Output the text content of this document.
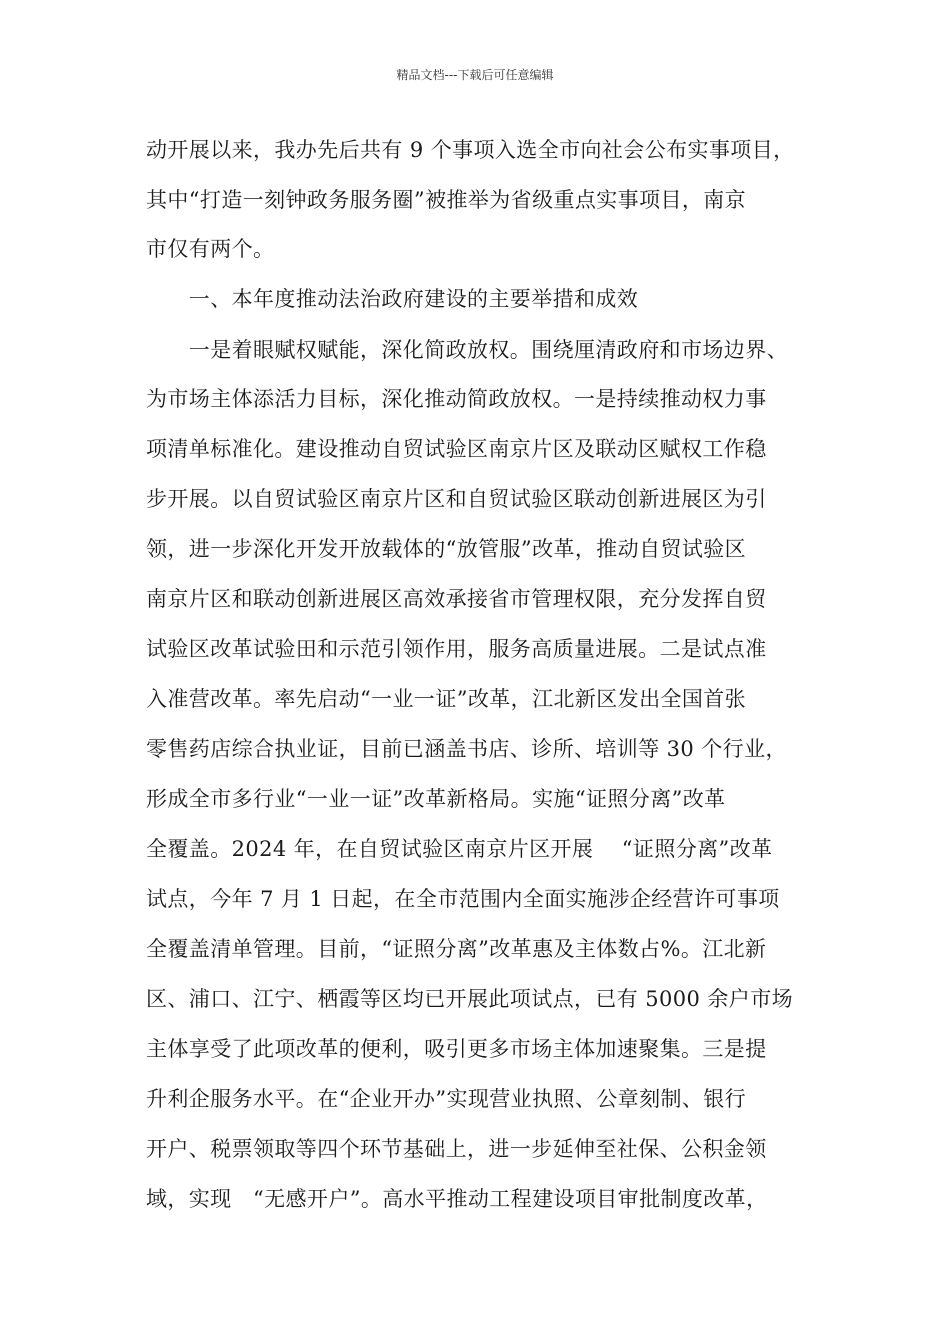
精品文档---下载后可任意编辑
动开展以来，我办先后共有 9 个事项入选全市向社会公布实事项目，
其中“打造一刻钟政务服务圈”被推举为省级重点实事项目，南京
市仅有两个。
　　一、本年度推动法治政府建设的主要举措和成效
　　一是着眼赋权赋能，深化简政放权。围绕厘清政府和市场边界、
为市场主体添活力目标，深化推动简政放权。一是持续推动权力事
项清单标准化。建设推动自贸试验区南京片区及联动区赋权工作稳
步开展。以自贸试验区南京片区和自贸试验区联动创新进展区为引
领，进一步深化开发开放载体的“放管服”改革，推动自贸试验区
南京片区和联动创新进展区高效承接省市管理权限，充分发挥自贸
试验区改革试验田和示范引领作用，服务高质量进展。二是试点准
入准营改革。率先启动“一业一证”改革，江北新区发出全国首张
零售药店综合执业证，目前已涵盖书店、诊所、培训等 30 个行业，
形成全市多行业“一业一证”改革新格局。实施“证照分离”改革
全覆盖。2024 年，在自贸试验区南京片区开展　 “证照分离”改革
试点，今年 7 月 1 日起，在全市范围内全面实施涉企经营许可事项
全覆盖清单管理。目前，“证照分离”改革惠及主体数占%。江北新
区、浦口、江宁、栖霞等区均已开展此项试点，已有 5000 余户市场
主体享受了此项改革的便利，吸引更多市场主体加速聚集。三是提
升利企服务水平。在“企业开办”实现营业执照、公章刻制、银行
开户、税票领取等四个环节基础上，进一步延伸至社保、公积金领
域，实现　“无感开户”。高水平推动工程建设项目审批制度改革，
